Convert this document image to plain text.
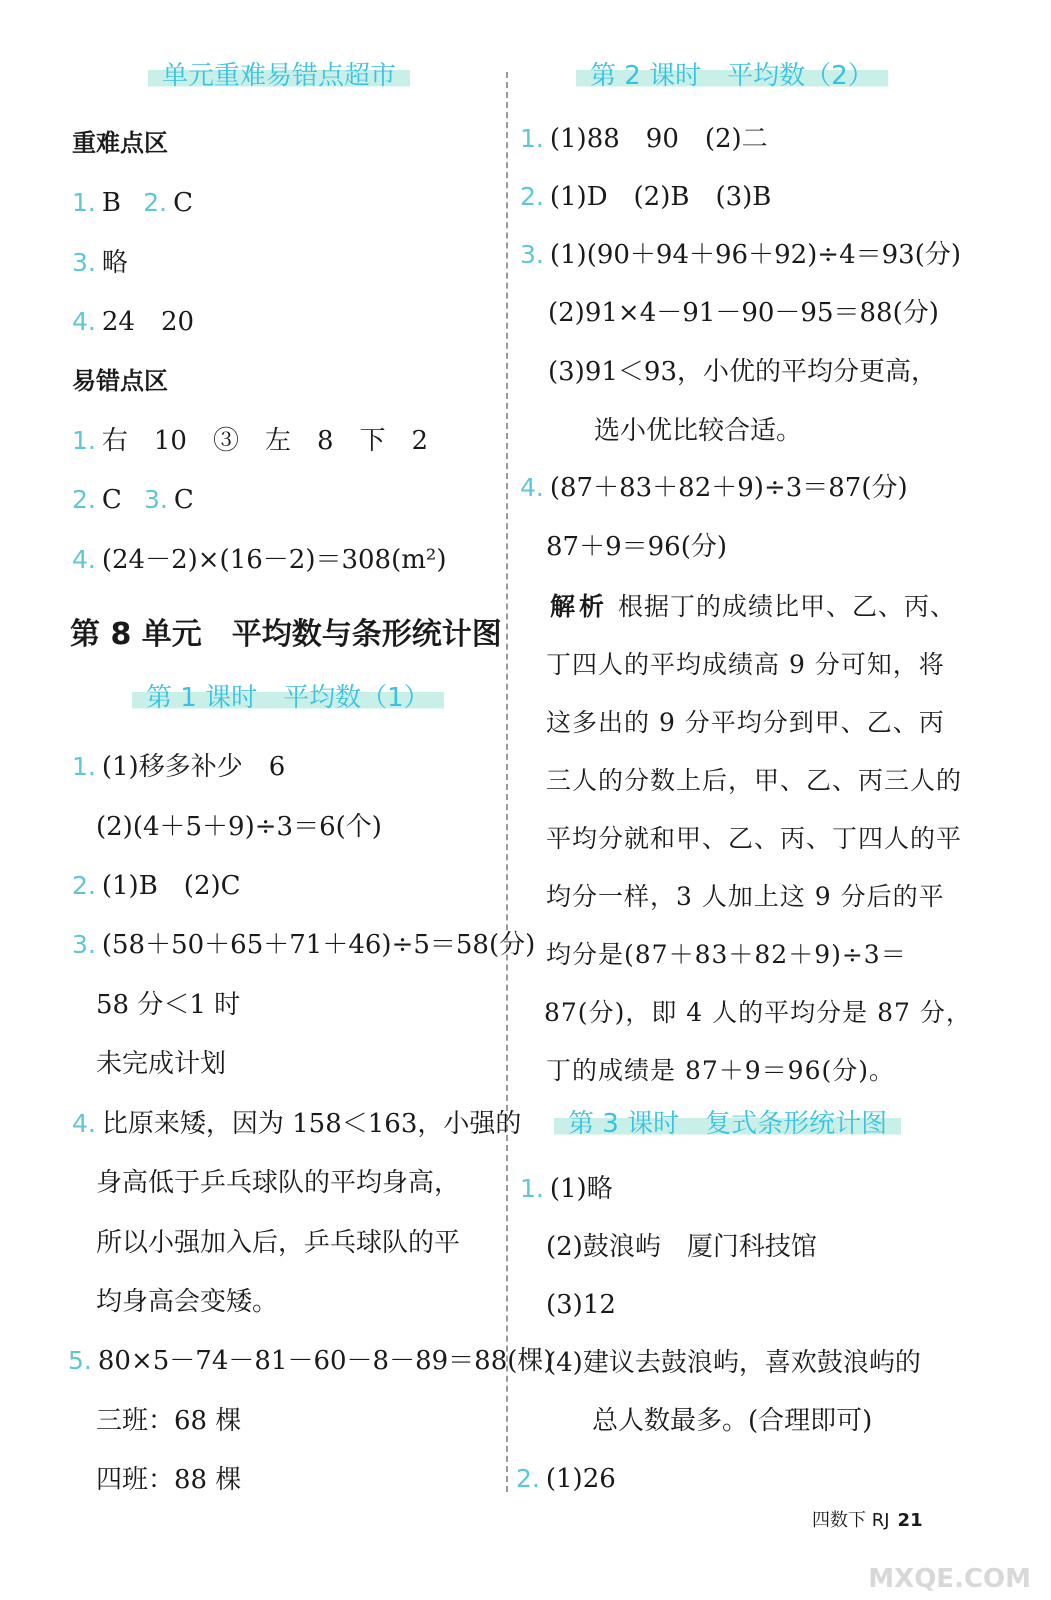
单元重难易错点超市
重难点区
1. B 2. C
3. 略
4. 24　20
易错点区
1. 右　10　③　左　8　下　2
2. C 3. C
4. (24－2)×(16－2)＝308(m²)
第 8 单元　平均数与条形统计图
第 1 课时　平均数（1）
1. (1)移多补少　6
(2)(4＋5＋9)÷3＝6(个)
2. (1)B　(2)C
3. (58＋50＋65＋71＋46)÷5＝58(分)
58 分＜1 时
未完成计划
4. 比原来矮，因为 158＜163，小强的
身高低于乒乓球队的平均身高，
所以小强加入后，乒乓球队的平
均身高会变矮。
5. 80×5－74－81－60－8－89＝88(棵)
三班：68 棵
四班：88 棵
第 2 课时　平均数（2）
1. (1)88　90　(2)二
2. (1)D　(2)B　(3)B
3. (1)(90＋94＋96＋92)÷4＝93(分)
(2)91×4－91－90－95＝88(分)
(3)91＜93，小优的平均分更高，
选小优比较合适。
4. (87＋83＋82＋9)÷3＝87(分)
87＋9＝96(分)
解析 根据丁的成绩比甲、乙、丙、
丁四人的平均成绩高 9 分可知，将
这多出的 9 分平均分到甲、乙、丙
三人的分数上后，甲、乙、丙三人的
平均分就和甲、乙、丙、丁四人的平
均分一样，3 人加上这 9 分后的平
均分是(87＋83＋82＋9)÷3＝
87(分)，即 4 人的平均分是 87 分，
丁的成绩是 87＋9＝96(分)。
第 3 课时　复式条形统计图
1. (1)略
(2)鼓浪屿　厦门科技馆
(3)12
(4)建议去鼓浪屿，喜欢鼓浪屿的
总人数最多。(合理即可)
2. (1)26
四数下 RJ 21
MXQE.COM
